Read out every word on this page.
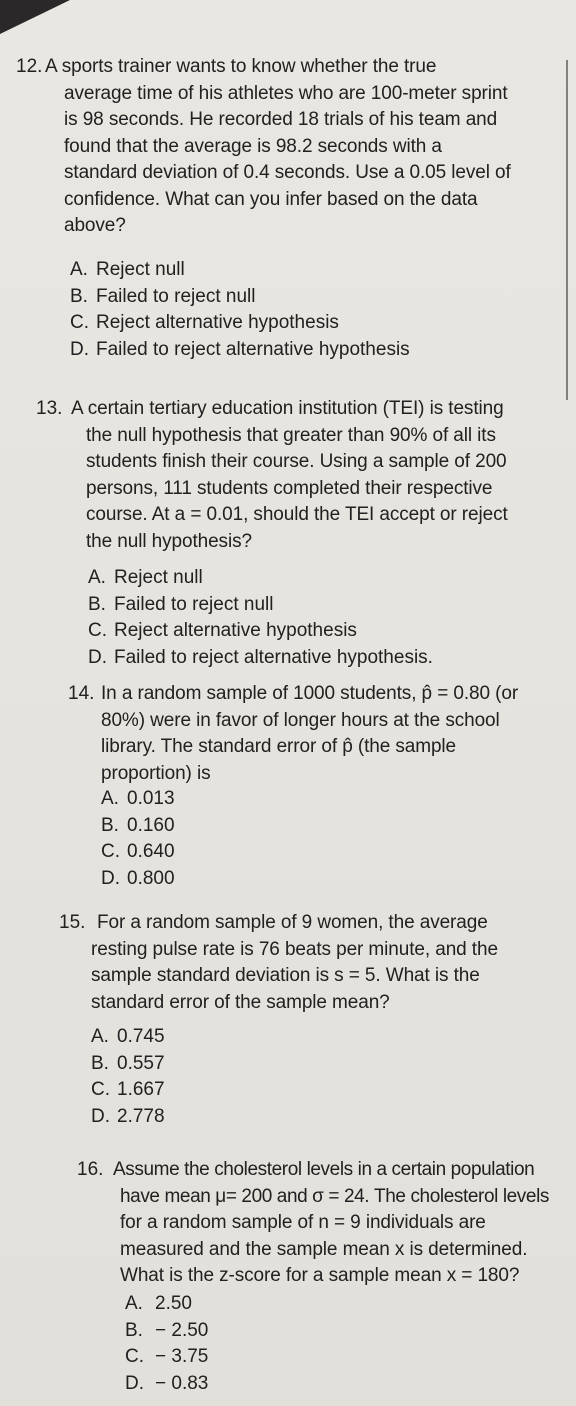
12. A sports trainer wants to know whether the true
average time of his athletes who are 100-meter sprint
is 98 seconds. He recorded 18 trials of his team and
found that the average is 98.2 seconds with a
standard deviation of 0.4 seconds. Use a 0.05 level of
confidence. What can you infer based on the data
above?
A. Reject null
B. Failed to reject null
C. Reject alternative hypothesis
D. Failed to reject alternative hypothesis
13. A certain tertiary education institution (TEI) is testing
the null hypothesis that greater than 90% of all its
students finish their course. Using a sample of 200
persons, 111 students completed their respective
course. At a = 0.01, should the TEI accept or reject
the null hypothesis?
A. Reject null
B. Failed to reject null
C. Reject alternative hypothesis
D. Failed to reject alternative hypothesis.
14. In a random sample of 1000 students, p̂ = 0.80 (or
80%) were in favor of longer hours at the school
library. The standard error of p̂ (the sample
proportion) is
A. 0.013
B. 0.160
C. 0.640
D. 0.800
15. For a random sample of 9 women, the average
resting pulse rate is 76 beats per minute, and the
sample standard deviation is s = 5. What is the
standard error of the sample mean?
A. 0.745
B. 0.557
C. 1.667
D. 2.778
16. Assume the cholesterol levels in a certain population
have mean μ= 200 and σ = 24. The cholesterol levels
for a random sample of n = 9 individuals are
measured and the sample mean x is determined.
What is the z-score for a sample mean x = 180?
A. 2.50
B. − 2.50
C. − 3.75
D. − 0.83
